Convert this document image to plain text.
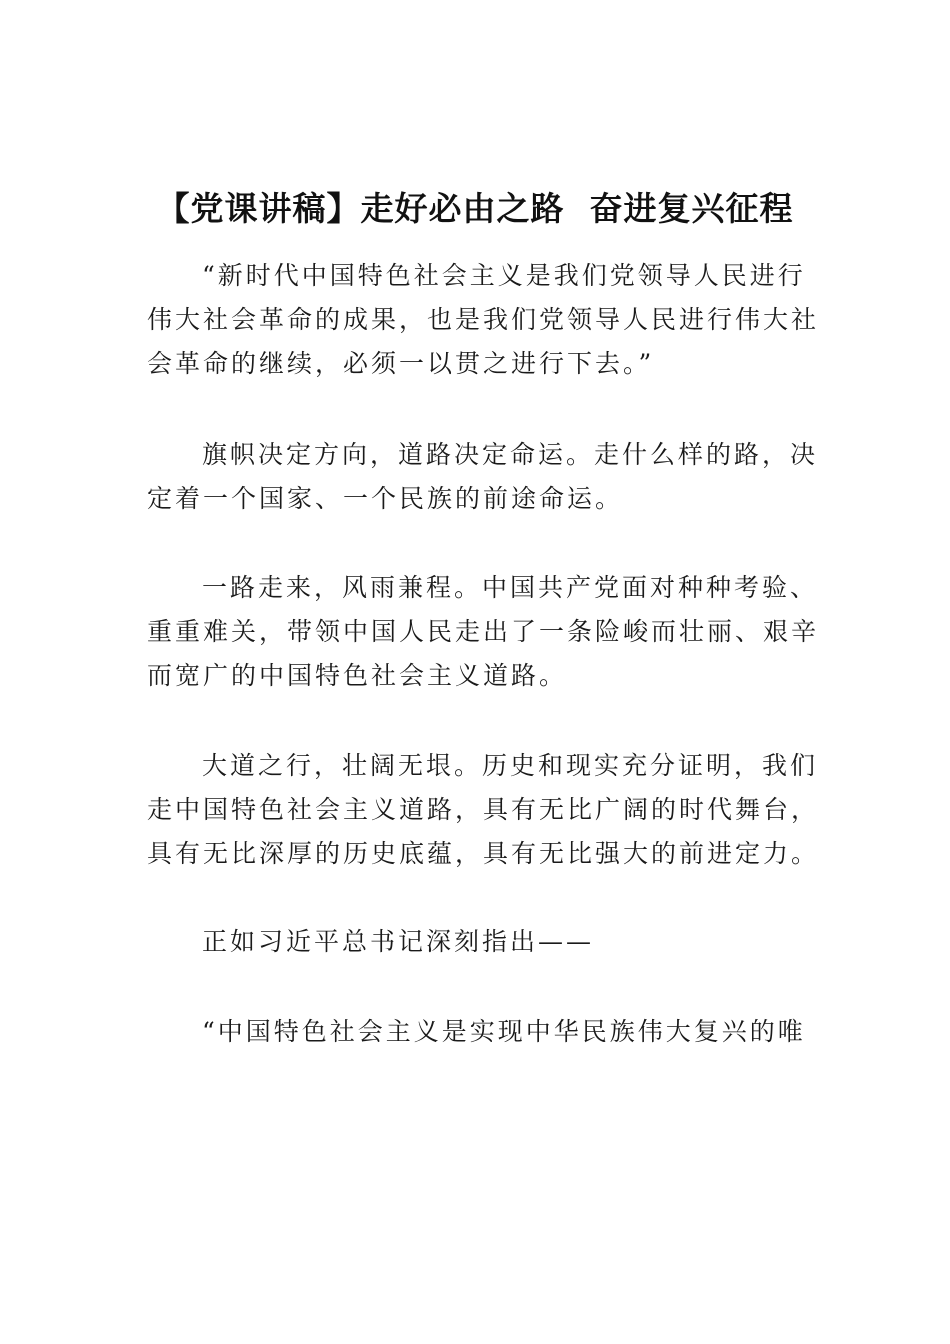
【党课讲稿】走好必由之路  奋进复兴征程
“新时代中国特色社会主义是我们党领导人民进行
伟大社会革命的成果，也是我们党领导人民进行伟大社
会革命的继续，必须一以贯之进行下去。”
旗帜决定方向，道路决定命运。走什么样的路，决
定着一个国家、一个民族的前途命运。
一路走来，风雨兼程。中国共产党面对种种考验、
重重难关，带领中国人民走出了一条险峻而壮丽、艰辛
而宽广的中国特色社会主义道路。
大道之行，壮阔无垠。历史和现实充分证明，我们
走中国特色社会主义道路，具有无比广阔的时代舞台，
具有无比深厚的历史底蕴，具有无比强大的前进定力。
正如习近平总书记深刻指出——
“中国特色社会主义是实现中华民族伟大复兴的唯
